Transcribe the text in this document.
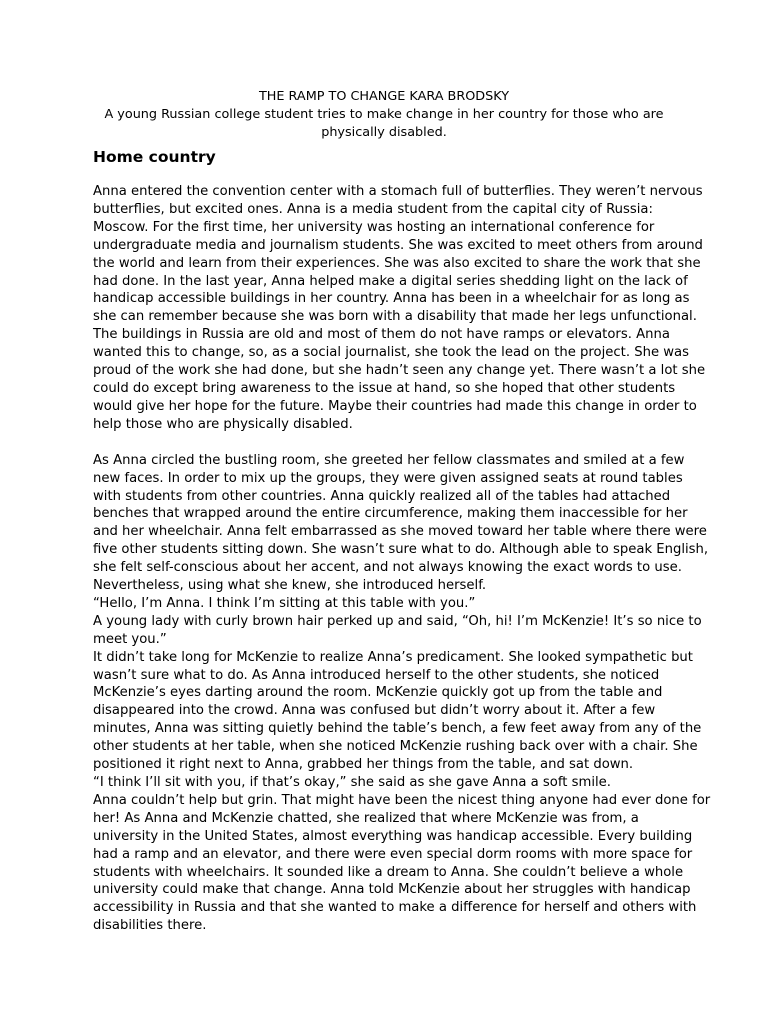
THE RAMP TO CHANGE KARA BRODSKY

A young Russian college student tries to make change in her country for those who are
physically disabled.

Home country

Anna entered the convention center with a stomach full of butterflies. They weren’t nervous
butterflies, but excited ones. Anna is a media student from the capital city of Russia:
Moscow. For the first time, her university was hosting an international conference for
undergraduate media and journalism students. She was excited to meet others from around
the world and learn from their experiences. She was also excited to share the work that she
had done. In the last year, Anna helped make a digital series shedding light on the lack of
handicap accessible buildings in her country. Anna has been in a wheelchair for as long as
she can remember because she was born with a disability that made her legs unfunctional.
The buildings in Russia are old and most of them do not have ramps or elevators. Anna
wanted this to change, so, as a social journalist, she took the lead on the project. She was
proud of the work she had done, but she hadn’t seen any change yet. There wasn’t a lot she
could do except bring awareness to the issue at hand, so she hoped that other students
would give her hope for the future. Maybe their countries had made this change in order to
help those who are physically disabled.

As Anna circled the bustling room, she greeted her fellow classmates and smiled at a few
new faces. In order to mix up the groups, they were given assigned seats at round tables
with students from other countries. Anna quickly realized all of the tables had attached
benches that wrapped around the entire circumference, making them inaccessible for her
and her wheelchair. Anna felt embarrassed as she moved toward her table where there were
five other students sitting down. She wasn’t sure what to do. Although able to speak English,
she felt self-conscious about her accent, and not always knowing the exact words to use.
Nevertheless, using what she knew, she introduced herself.
“Hello, I’m Anna. I think I’m sitting at this table with you.”
A young lady with curly brown hair perked up and said, “Oh, hi! I’m McKenzie! It’s so nice to
meet you.”
It didn’t take long for McKenzie to realize Anna’s predicament. She looked sympathetic but
wasn’t sure what to do. As Anna introduced herself to the other students, she noticed
McKenzie’s eyes darting around the room. McKenzie quickly got up from the table and
disappeared into the crowd. Anna was confused but didn’t worry about it. After a few
minutes, Anna was sitting quietly behind the table’s bench, a few feet away from any of the
other students at her table, when she noticed McKenzie rushing back over with a chair. She
positioned it right next to Anna, grabbed her things from the table, and sat down.
“I think I’ll sit with you, if that’s okay,” she said as she gave Anna a soft smile.
Anna couldn’t help but grin. That might have been the nicest thing anyone had ever done for
her! As Anna and McKenzie chatted, she realized that where McKenzie was from, a
university in the United States, almost everything was handicap accessible. Every building
had a ramp and an elevator, and there were even special dorm rooms with more space for
students with wheelchairs. It sounded like a dream to Anna. She couldn’t believe a whole
university could make that change. Anna told McKenzie about her struggles with handicap
accessibility in Russia and that she wanted to make a difference for herself and others with
disabilities there.
